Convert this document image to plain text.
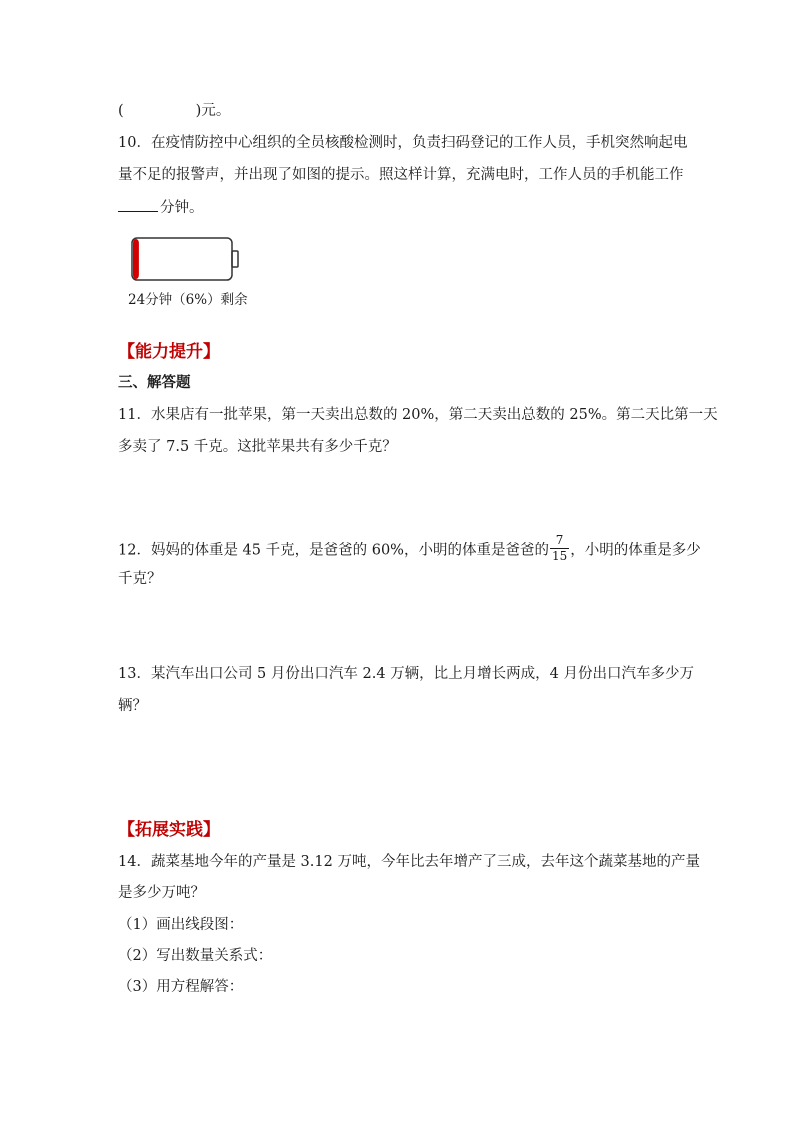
(	)元。
10．在疫情防控中心组织的全员核酸检测时，负责扫码登记的工作人员，手机突然响起电
量不足的报警声，并出现了如图的提示。照这样计算，充满电时，工作人员的手机能工作
分钟。
24分钟（6%）剩余
【能力提升】
三、解答题
11．水果店有一批苹果，第一天卖出总数的 20%，第二天卖出总数的 25%。第二天比第一天
多卖了 7.5 千克。这批苹果共有多少千克？
12．妈妈的体重是 45 千克，是爸爸的 60%，小明的体重是爸爸的 $\frac{7}{15}$ ，小明的体重是多少
千克？
13．某汽车出口公司 5 月份出口汽车 2.4 万辆，比上月增长两成，4 月份出口汽车多少万
辆？
【拓展实践】
14．蔬菜基地今年的产量是 3.12 万吨，今年比去年增产了三成，去年这个蔬菜基地的产量
是多少万吨？
（1）画出线段图：
（2）写出数量关系式：
（3）用方程解答：
